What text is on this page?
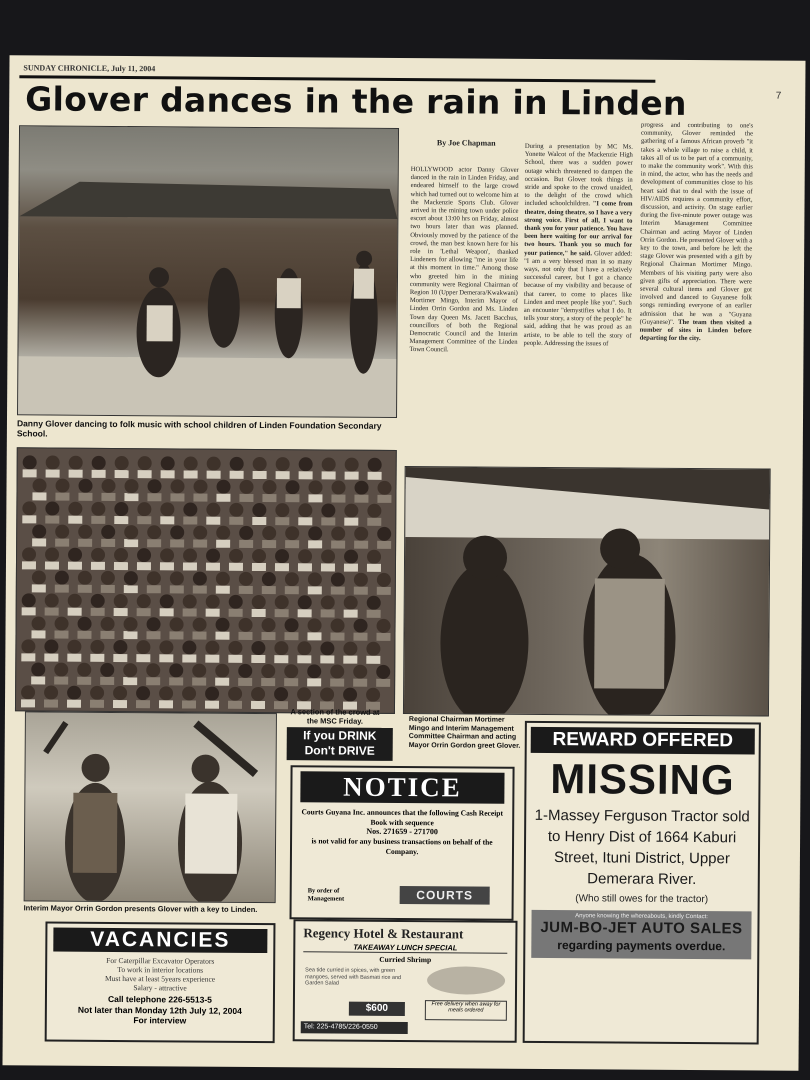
SUNDAY CHRONICLE, July 11, 2004
7
Glover dances in the rain in Linden
Danny Glover dancing to folk music with school children of Linden Foundation Secondary School.
By Joe Chapman
HOLLYWOOD actor Danny Glover danced in the rain in Linden Friday, and endeared himself to the large crowd which had turned out to welcome him at the Mackenzie Sports Club. Glover arrived in the mining town under police escort about 13:00 hrs on Friday, almost two hours later than was planned. Obviously moved by the patience of the crowd, the man best known here for his role in 'Lethal Weapon', thanked Lindeners for allowing "me in your life at this moment in time." Among those who greeted him in the mining community were Regional Chairman of Region 10 (Upper Demerara/Kwakwani) Mortimer Mingo, Interim Mayor of Linden Orrin Gordon and Ms. Linden Town day Queen Ms. Jacett Bacchus, councillors of both the Regional Democratic Council and the Interim Management Committee of the Linden Town Council.
During a presentation by MC Ms. Yonette Walcot of the Mackenzie High School, there was a sudden power outage which threatened to dampen the occasion. But Glover took things in stride and spoke to the crowd unaided, to the delight of the crowd which included schoolchildren. "I come from theatre, doing theatre, so I have a very strong voice. First of all, I want to thank you for your patience. You have been here waiting for our arrival for two hours. Thank you so much for your patience," he said. Glover added: "I am a very blessed man in so many ways, not only that I have a relatively successful career, but I got a chance because of my visibility and because of that career, to come to places like Linden and meet people like you". Such an encounter "demystifies what I do. It tells your story, a story of the people" he said, adding that he was proud as an artiste, to be able to tell the story of people. Addressing the issues of
progress and contributing to one's community, Glover reminded the gathering of a famous African proverb "it takes a whole village to raise a child, it takes all of us to be part of a community, to make the community work". With this in mind, the actor, who has the needs and development of communities close to his heart said that to deal with the issue of HIV/AIDS requires a community effort, discussion, and activity. On stage earlier during the five-minute power outage was Interim Management Committee Chairman and acting Mayor of Linden Orrin Gordon. He presented Glover with a key to the town, and before he left the stage Glover was presented with a gift by Regional Chairman Mortimer Mingo. Members of his visiting party were also given gifts of appreciation. There were several cultural items and Glover got involved and danced to Guyanese folk songs reminding everyone of an earlier admission that he was a "Guyana (Guyanese)". The team then visited a number of sites in Linden before departing for the city.
A section of the crowd at the MSC Friday.	Regional Chairman Mortimer Mingo and Interim Management Committee Chairman and acting Mayor Orrin Gordon greet Glover.
Interim Mayor Orrin Gordon presents Glover with a key to Linden.
If you DRINK
Don't DRIVE
NOTICE
Courts Guyana Inc. announces that the following Cash Receipt Book with sequence
Nos. 271659 - 271700
is not valid for any business transactions on behalf of the Company.
By order of Management	COURTS
VACANCIES
For Caterpillar Excavator Operators
To work in interior locations
Must have at least 5years experience
Salary - attractive
Call telephone 226-5513-5
Not later than Monday 12th July 12, 2004
For interview
Regency Hotel & Restaurant
TAKEAWAY LUNCH SPECIAL
Curried Shrimp
Sea tide curried in spices, with green mangoes, served with Basmati rice and Garden Salad
Free delivery when away for meals ordered
$600
Tel: 225-4785/226-0550
REWARD OFFERED
MISSING
1-Massey Ferguson Tractor sold to Henry Dist of 1664 Kaburi Street, Ituni District, Upper Demerara River.
(Who still owes for the tractor)
Anyone knowing the whereabouts, kindly Contact:
JUM-BO-JET AUTO SALES
regarding payments overdue.
